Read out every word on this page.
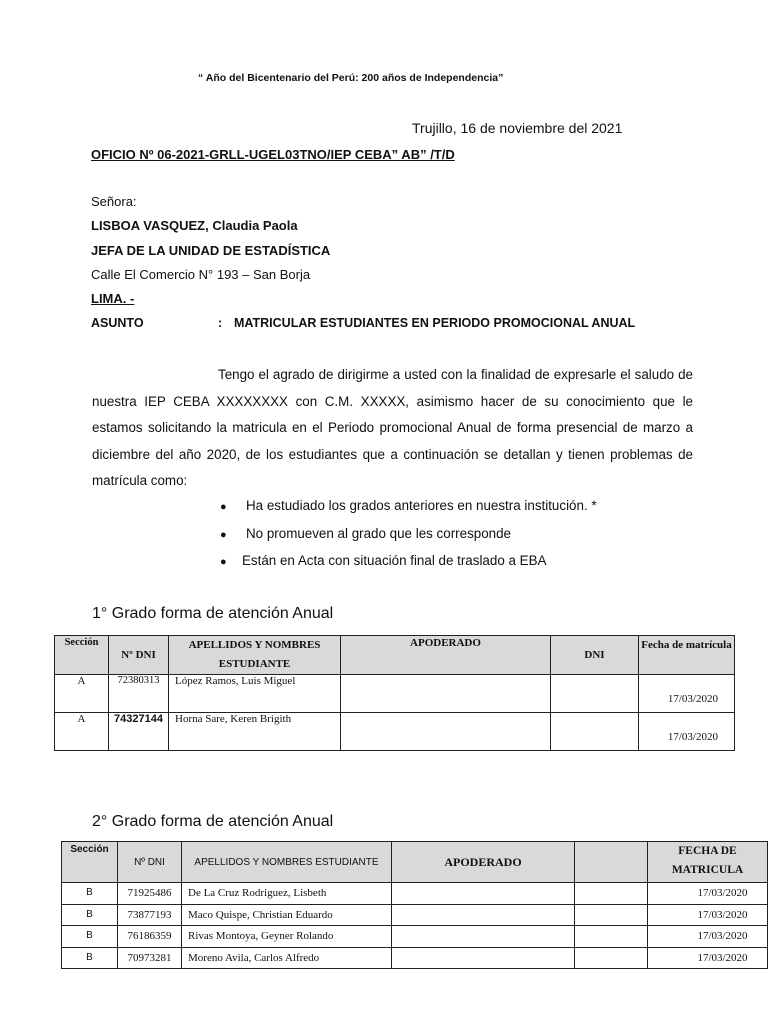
“ Año del Bicentenario del Perú: 200 años de Independencia”
Trujillo, 16 de noviembre del 2021
OFICIO Nº 06-2021-GRLL-UGEL03TNO/IEP CEBA” AB” /T/D
Señora:
LISBOA VASQUEZ, Claudia Paola
JEFA DE LA UNIDAD DE ESTADÍSTICA
Calle El Comercio N° 193 – San Borja
LIMA. -
ASUNTO	: MATRICULAR ESTUDIANTES EN PERIODO PROMOCIONAL ANUAL
Tengo el agrado de dirigirme a usted con la finalidad de expresarle el saludo de nuestra IEP CEBA XXXXXXXX con C.M. XXXXX, asimismo hacer de su conocimiento que le estamos solicitando la matricula en el Periodo promocional Anual de forma presencial de marzo a diciembre del año 2020, de los estudiantes que a continuación se detallan y tienen problemas de matrícula como:
● Ha estudiado los grados anteriores en nuestra institución. *
● No promueven al grado que les corresponde
● Están en Acta con situación final de traslado a EBA
1° Grado forma de atención Anual
Sección	Nº DNI	APELLIDOS Y NOMBRES ESTUDIANTE	APODERADO	DNI	Fecha de matrícula
A	72380313	López Ramos, Luis Miguel			17/03/2020
A	74327144	Horna Sare, Keren Brigith			17/03/2020
2° Grado forma de atención Anual
Sección	Nº DNI	APELLIDOS Y NOMBRES ESTUDIANTE	APODERADO		FECHA DE MATRICULA
B	71925486	De La Cruz Rodriguez, Lisbeth			17/03/2020
B	73877193	Maco Quispe, Christian Eduardo			17/03/2020
B	76186359	Rivas Montoya, Geyner Rolando			17/03/2020
B	70973281	Moreno Avila, Carlos Alfredo			17/03/2020
